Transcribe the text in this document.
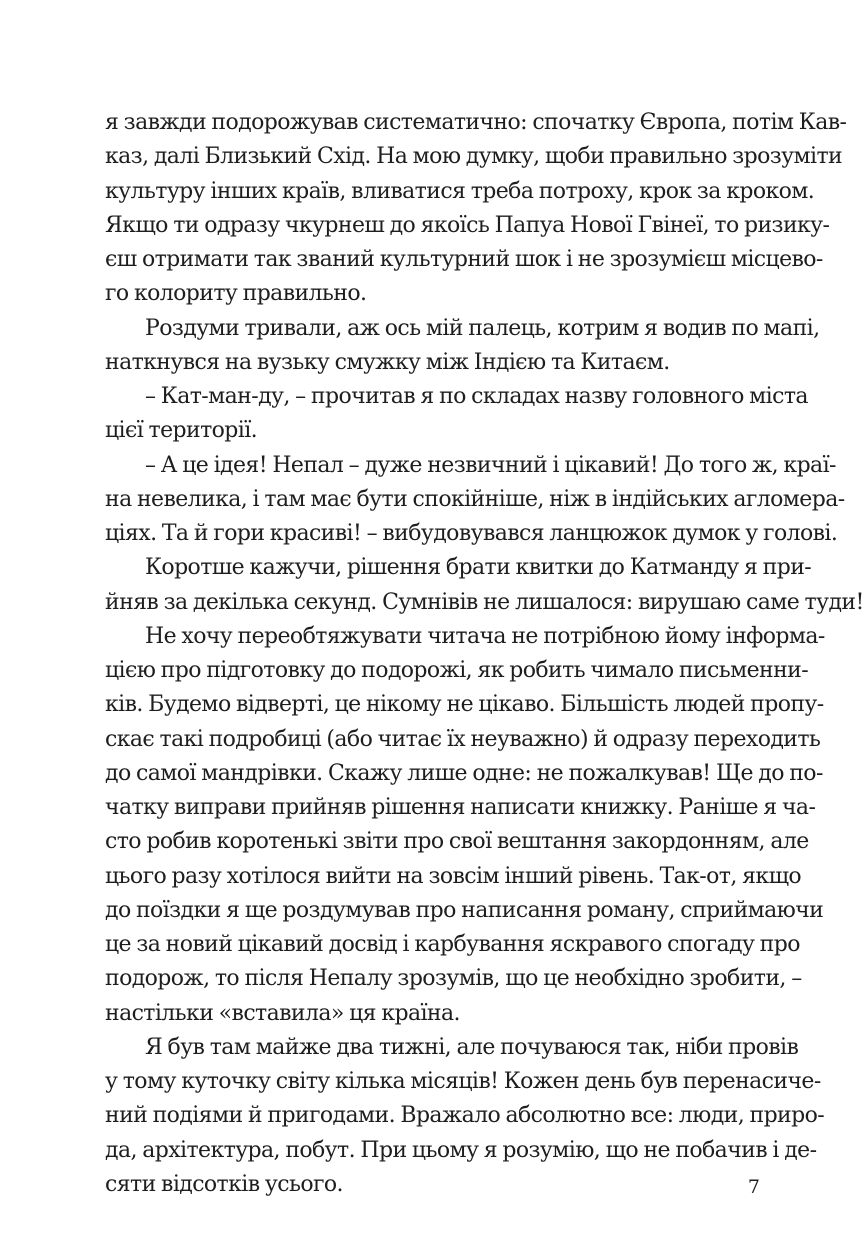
я завжди подорожував систематично: спочатку Європа, потім Кав-
каз, далі Близький Схід. На мою думку, щоби правильно зрозуміти
культуру інших країв, вливатися треба потроху, крок за кроком.
Якщо ти одразу чкурнеш до якоїсь Папуа Нової Гвінеї, то ризику-
єш отримати так званий культурний шок і не зрозумієш місцево-
го колориту правильно.
Роздуми тривали, аж ось мій палець, котрим я водив по мапі,
наткнувся на вузьку смужку між Індією та Китаєм.
– Кат-ман-ду, – прочитав я по складах назву головного міста
цієї території.
– А це ідея! Непал – дуже незвичний і цікавий! До того ж, краї-
на невелика, і там має бути спокійніше, ніж в індійських агломера-
ціях. Та й гори красиві! – вибудовувався ланцюжок думок у голові.
Коротше кажучи, рішення брати квитки до Катманду я при-
йняв за декілька секунд. Сумнівів не лишалося: вирушаю саме туди!
Не хочу переобтяжувати читача не потрібною йому інформа-
цією про підготовку до подорожі, як робить чимало письменни-
ків. Будемо відверті, це нікому не цікаво. Більшість людей пропу-
скає такі подробиці (або читає їх неуважно) й одразу переходить
до самої мандрівки. Скажу лише одне: не пожалкував! Ще до по-
чатку виправи прийняв рішення написати книжку. Раніше я ча-
сто робив коротенькі звіти про свої вештання закордонням, але
цього разу хотілося вийти на зовсім інший рівень. Так-от, якщо
до поїздки я ще роздумував про написання роману, сприймаючи
це за новий цікавий досвід і карбування яскравого спогаду про
подорож, то після Непалу зрозумів, що це необхідно зробити, –
настільки «вставила» ця країна.
Я був там майже два тижні, але почуваюся так, ніби провів
у тому куточку світу кілька місяців! Кожен день був перенасиче-
ний подіями й пригодами. Вражало абсолютно все: люди, приро-
да, архітектура, побут. При цьому я розумію, що не побачив і де-
сяти відсотків усього.	7
